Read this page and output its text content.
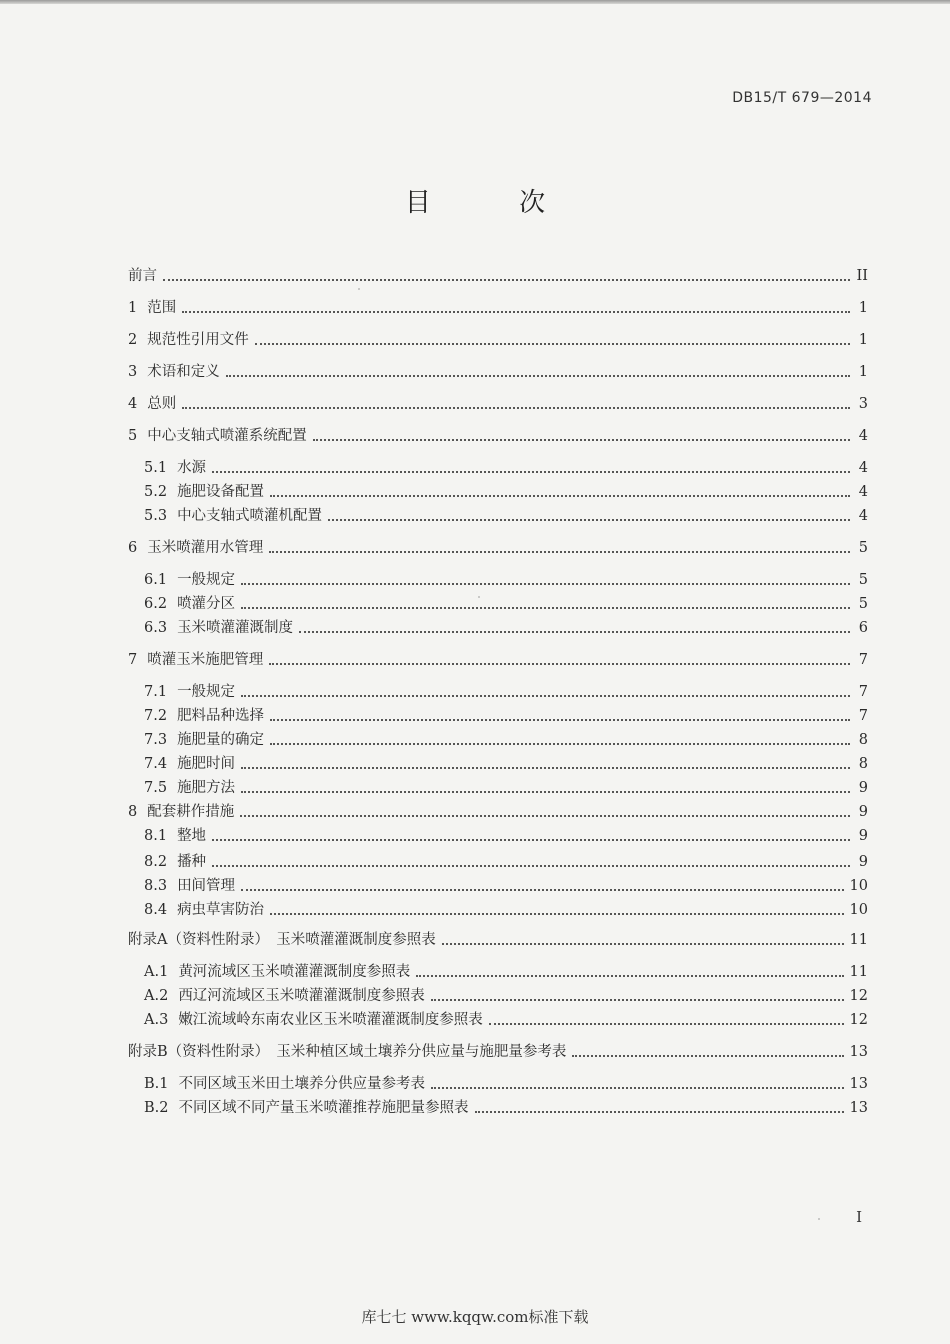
DB15/T 679—2014
目 次
前言	II
1 范围	1
2 规范性引用文件	1
3 术语和定义	1
4 总则	3
5 中心支轴式喷灌系统配置	4
5.1 水源	4
5.2 施肥设备配置	4
5.3 中心支轴式喷灌机配置	4
6 玉米喷灌用水管理	5
6.1 一般规定	5
6.2 喷灌分区	5
6.3 玉米喷灌灌溉制度	6
7 喷灌玉米施肥管理	7
7.1 一般规定	7
7.2 肥料品种选择	7
7.3 施肥量的确定	8
7.4 施肥时间	8
7.5 施肥方法	9
8 配套耕作措施	9
8.1 整地	9
8.2 播种	9
8.3 田间管理	10
8.4 病虫草害防治	10
附录A（资料性附录）　玉米喷灌灌溉制度参照表	11
A.1 黄河流域区玉米喷灌灌溉制度参照表	11
A.2 西辽河流域区玉米喷灌灌溉制度参照表	12
A.3 嫩江流域岭东南农业区玉米喷灌灌溉制度参照表	12
附录B（资料性附录）　玉米种植区域土壤养分供应量与施肥量参考表	13
B.1 不同区域玉米田土壤养分供应量参考表	13
B.2 不同区域不同产量玉米喷灌推荐施肥量参照表	13
I
库七七 www.kqqw.com标准下载
